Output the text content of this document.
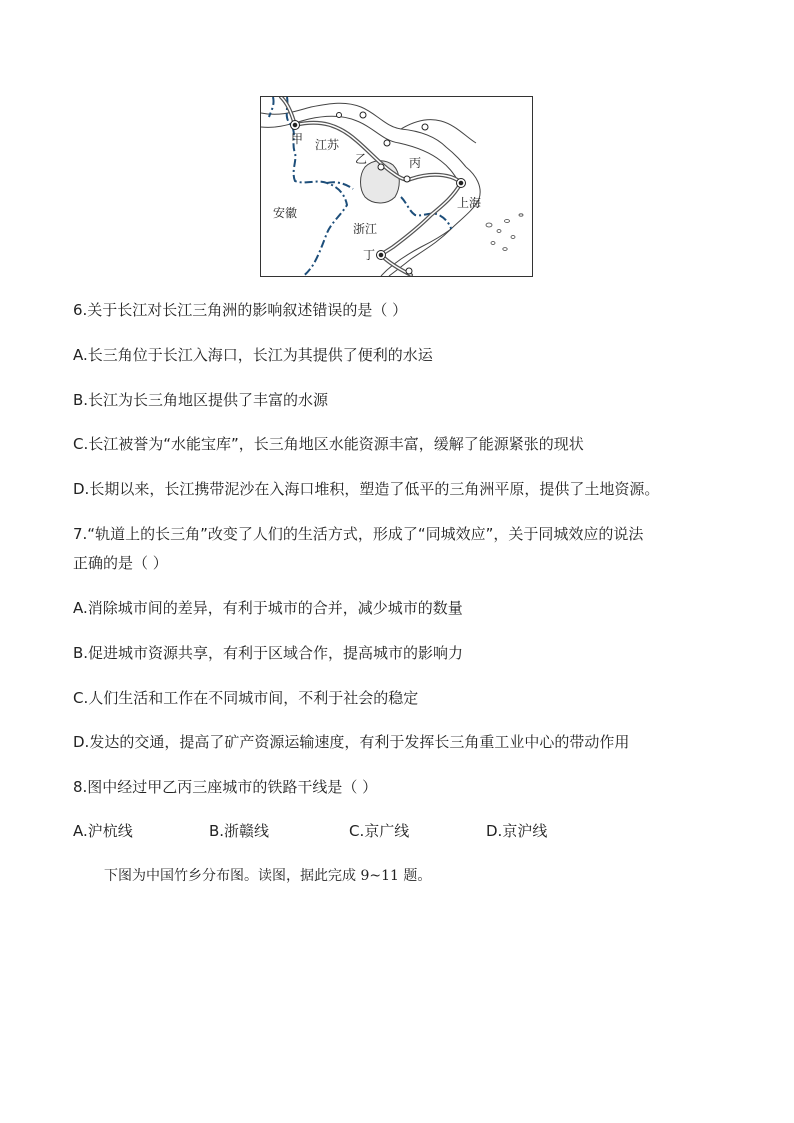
甲 江苏
乙	丙
安徽
上海
浙江
丁
6.关于长江对长江三角洲的影响叙述错误的是（ ）
A.长三角位于长江入海口，长江为其提供了便利的水运
B.长江为长三角地区提供了丰富的水源
C.长江被誉为“水能宝库”，长三角地区水能资源丰富，缓解了能源紧张的现状
D.长期以来，长江携带泥沙在入海口堆积，塑造了低平的三角洲平原，提供了土地资源。
7.“轨道上的长三角”改变了人们的生活方式，形成了“同城效应”，关于同城效应的说法
正确的是（ ）
A.消除城市间的差异，有利于城市的合并，减少城市的数量
B.促进城市资源共享，有利于区域合作，提高城市的影响力
C.人们生活和工作在不同城市间，不利于社会的稳定
D.发达的交通，提高了矿产资源运输速度，有利于发挥长三角重工业中心的带动作用
8.图中经过甲乙丙三座城市的铁路干线是（ ）
A.沪杭线	B.浙赣线	C.京广线	D.京沪线
下图为中国竹乡分布图。读图，据此完成 9~11 题。
